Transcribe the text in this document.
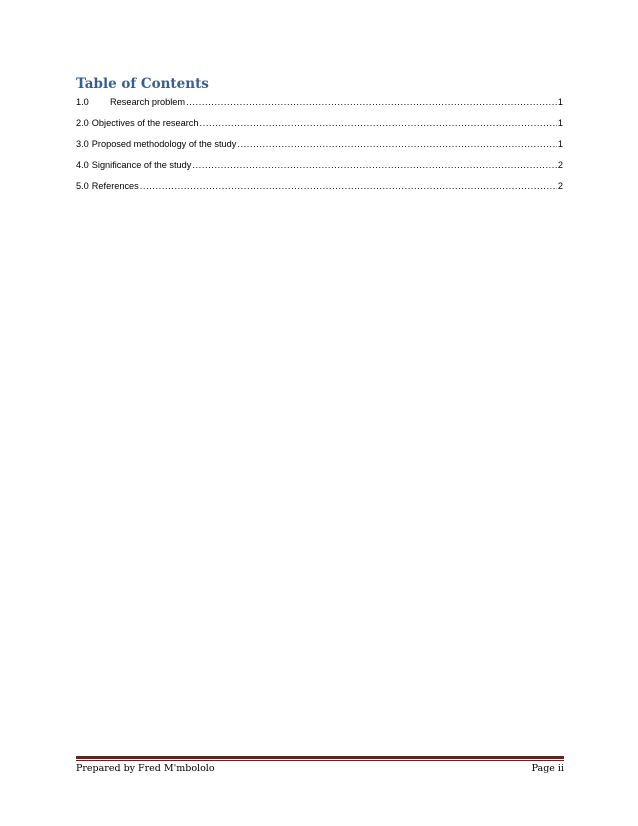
Table of Contents
1.0	Research problem .....	1
2.0 Objectives of the research .....	1
3.0 Proposed methodology of the study .....	1
4.0 Significance of the study .....	2
5.0 References .....	2
Prepared by Fred M'mbololo	Page ii
